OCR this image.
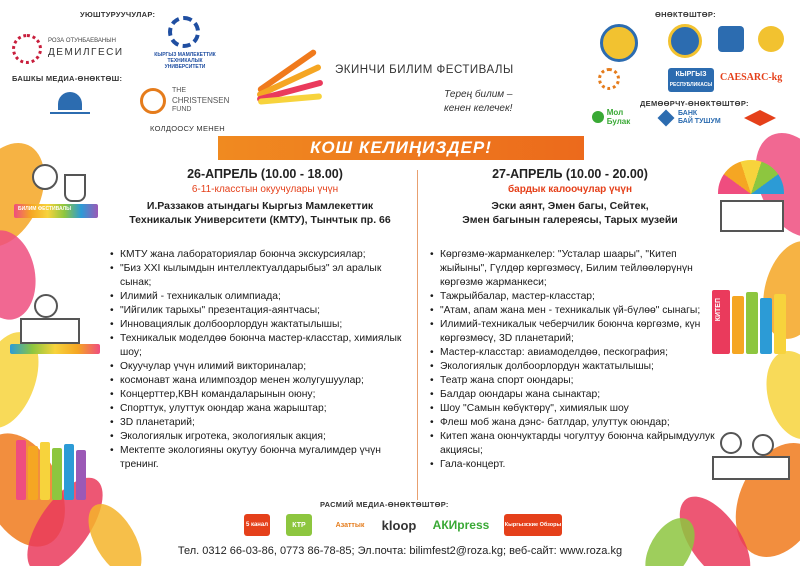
УЮШТУРУУЧУЛАР:
РОЗА ОТУНБАЕВАНЫН
ДЕМИЛГЕСИ	КЫРГЫЗ МАМЛЕКЕТТИК ТЕХНИКАЛЫК УНИВЕРСИТЕТИ
БАШКЫ МЕДИА-ӨНӨКТӨШ:
THE
CHRISTENSEN
FUND
КОЛДООСУ МЕНЕН
ЭКИНЧИ БИЛИМ ФЕСТИВАЛЫ
Терең билим –
кенен келечек!
ӨНӨКТӨШТӨР:
КЫРГЫЗ
РЕСПУБЛИКАСЫ
CAESARC-kg
ДЕМӨӨРЧҮ-ӨНӨКТӨШТӨР:
Мол Булак
БАНК
БАЙ ТУШУМ
КОШ КЕЛИҢИЗДЕР!
26-АПРЕЛЬ (10.00 - 18.00)
6-11-класстын окуучулары үчүн
И.Раззаков атындагы Кыргыз Мамлекеттик
Техникалык Университети (КМТУ), Тынчтык пр. 66
• КМТУ жана лабораториялар боюнча экскурсиялар;
• "Биз XXI кылымдын интеллектуалдарыбыз" эл аралык сынак;
• Илимий - техникалык олимпиада;
• "Ийгилик тарыхы" презентация-аянтчасы;
• Инновациялык долбоорлордун жактатылышы;
• Техникалык моделдөө боюнча мастер-класстар, химиялык шоу;
• Окуучулар үчүн илимий викториналар;
• космонавт жана илимпоздор менен жолугушуулар;
• Концерттер,КВН командаларынын оюну;
• Спорттук, улуттук оюндар жана жарыштар;
• 3D планетарий;
• Экологиялык игротека, экологиялык акция;
• Мектепте экологияны окутуу боюнча мугалимдер үчүн тренинг.
27-АПРЕЛЬ (10.00 - 20.00)
бардык калоочулар үчүн
Эски аянт, Эмен багы, Сейтек,
Эмен багынын галереясы, Тарых музейи
• Көргөзмө-жарманкелер: "Усталар шаары", "Китеп жыйыны", Гүлдөр көргөзмөсү, Билим тейлөөлөрүнүн көргөзмө жарманкеси;
• Тажрыйбалар, мастер-класстар;
• "Атам, апам жана мен - техникалык үй-бүлөө" сынагы;
• Илимий-техникалык чеберчилик боюнча көргөзмө, күн көргөзмөсү, 3D планетарий;
• Мастер-класстар: авиамоделдөө, пескография;
• Экологиялык долбоорлордун жактатылышы;
• Театр жана спорт оюндары;
• Балдар оюндары жана сынактар;
• Шоу "Самын көбүктөрү", химиялык шоу
• Флеш моб жана дэнс- батлдар, улуттук оюндар;
• Китеп жана оюнчуктарды чогултуу боюнча кайрымдуулук акциясы;
• Гала-концерт.
БИЛИМ ФЕСТИВАЛЫ
КИТЕП
РАСМИЙ МЕДИА-ӨНӨКТӨШТӨР:
5 канал	КТР	Азаттык kloop АКИpress	Кыргызские Обзоры
Тел. 0312 66-03-86, 0773 86-78-85; Эл.почта: bilimfest2@roza.kg; веб-сайт: www.roza.kg
